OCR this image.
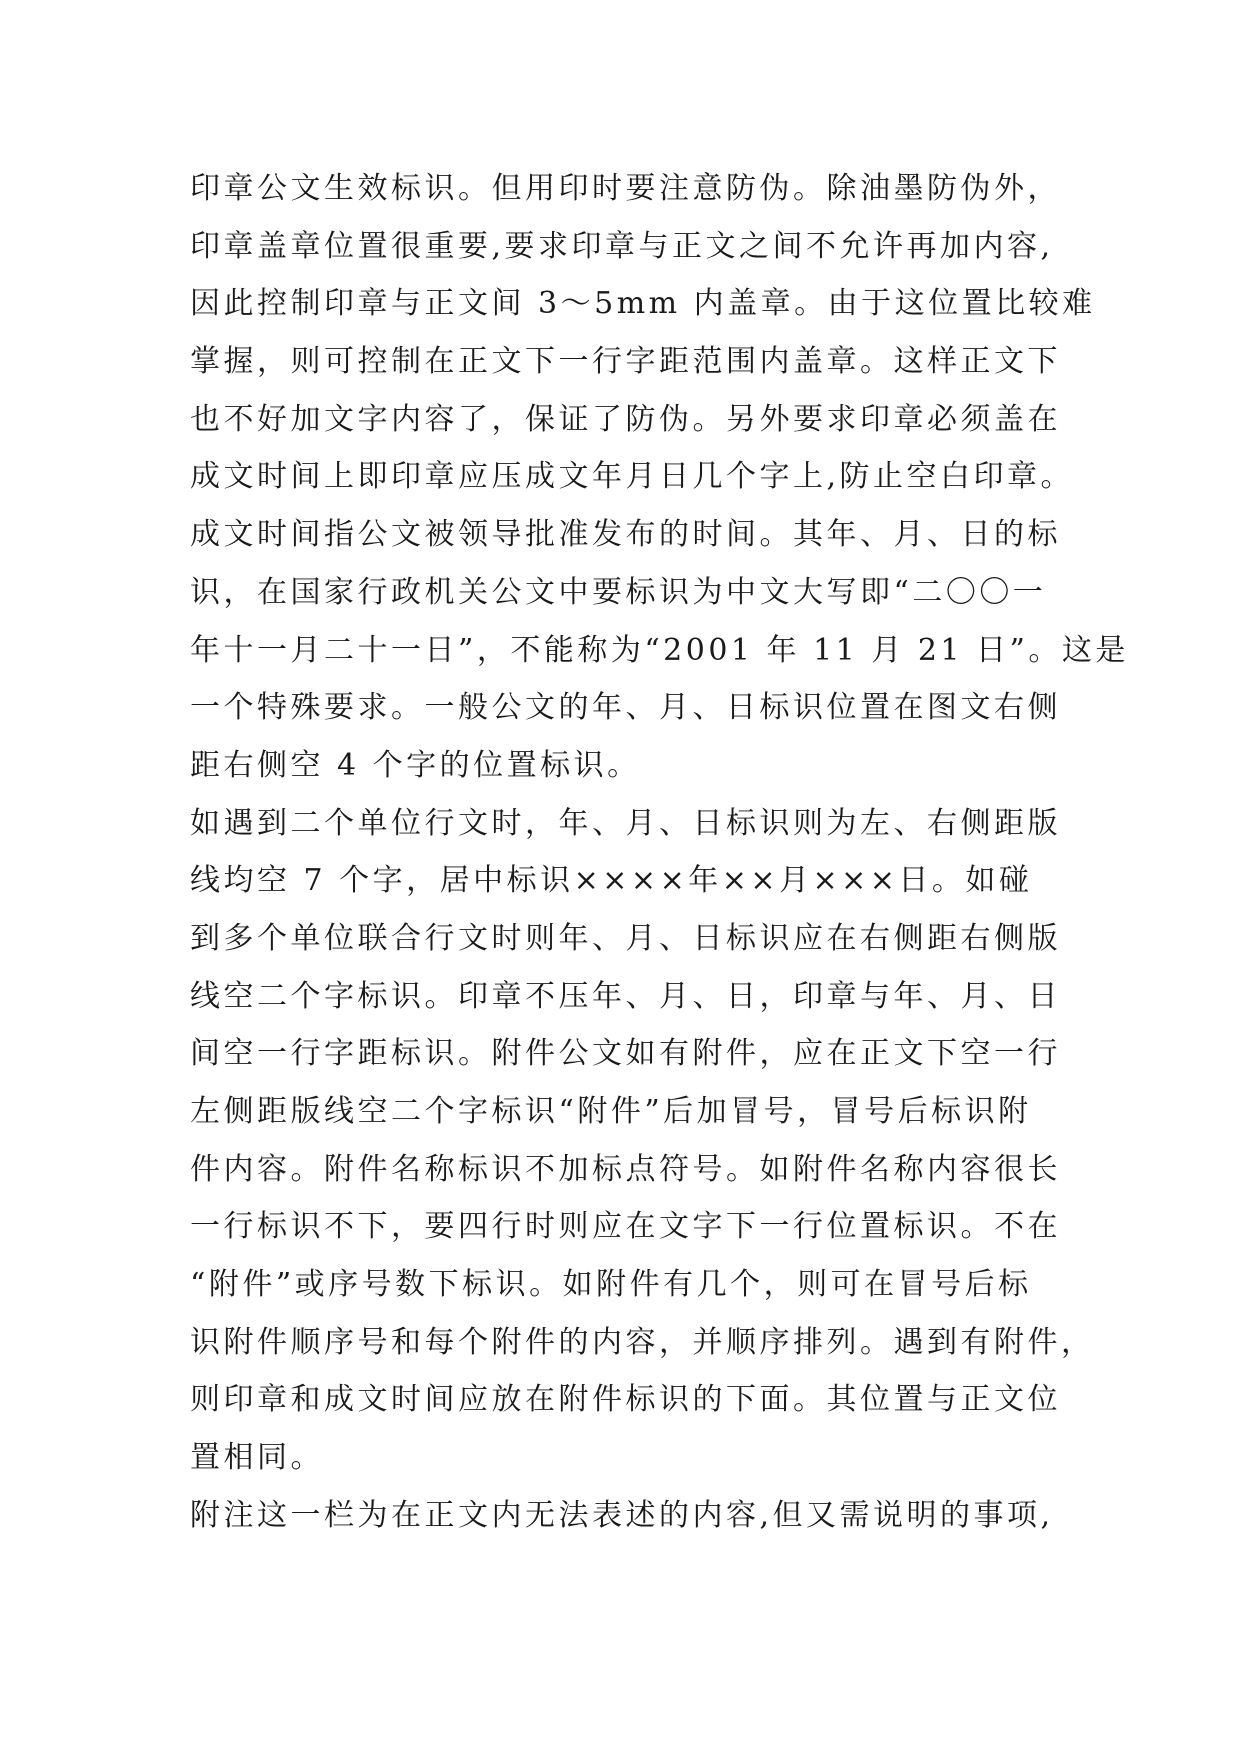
印章公文生效标识。但用印时要注意防伪。除油墨防伪外，
印章盖章位置很重要,要求印章与正文之间不允许再加内容,
因此控制印章与正文间 3～5mm 内盖章。由于这位置比较难
掌握，则可控制在正文下一行字距范围内盖章。这样正文下
也不好加文字内容了，保证了防伪。另外要求印章必须盖在
成文时间上即印章应压成文年月日几个字上,防止空白印章。
成文时间指公文被领导批准发布的时间。其年、月、日的标
识，在国家行政机关公文中要标识为中文大写即“二〇〇一
年十一月二十一日”，不能称为“2001 年 11 月 21 日”。这是
一个特殊要求。一般公文的年、月、日标识位置在图文右侧
距右侧空 4 个字的位置标识。
如遇到二个单位行文时，年、月、日标识则为左、右侧距版
线均空 7 个字，居中标识××××年××月×××日。如碰
到多个单位联合行文时则年、月、日标识应在右侧距右侧版
线空二个字标识。印章不压年、月、日，印章与年、月、日
间空一行字距标识。附件公文如有附件，应在正文下空一行
左侧距版线空二个字标识“附件”后加冒号，冒号后标识附
件内容。附件名称标识不加标点符号。如附件名称内容很长
一行标识不下，要四行时则应在文字下一行位置标识。不在
“附件”或序号数下标识。如附件有几个，则可在冒号后标
识附件顺序号和每个附件的内容，并顺序排列。遇到有附件，
则印章和成文时间应放在附件标识的下面。其位置与正文位
置相同。
附注这一栏为在正文内无法表述的内容,但又需说明的事项,
